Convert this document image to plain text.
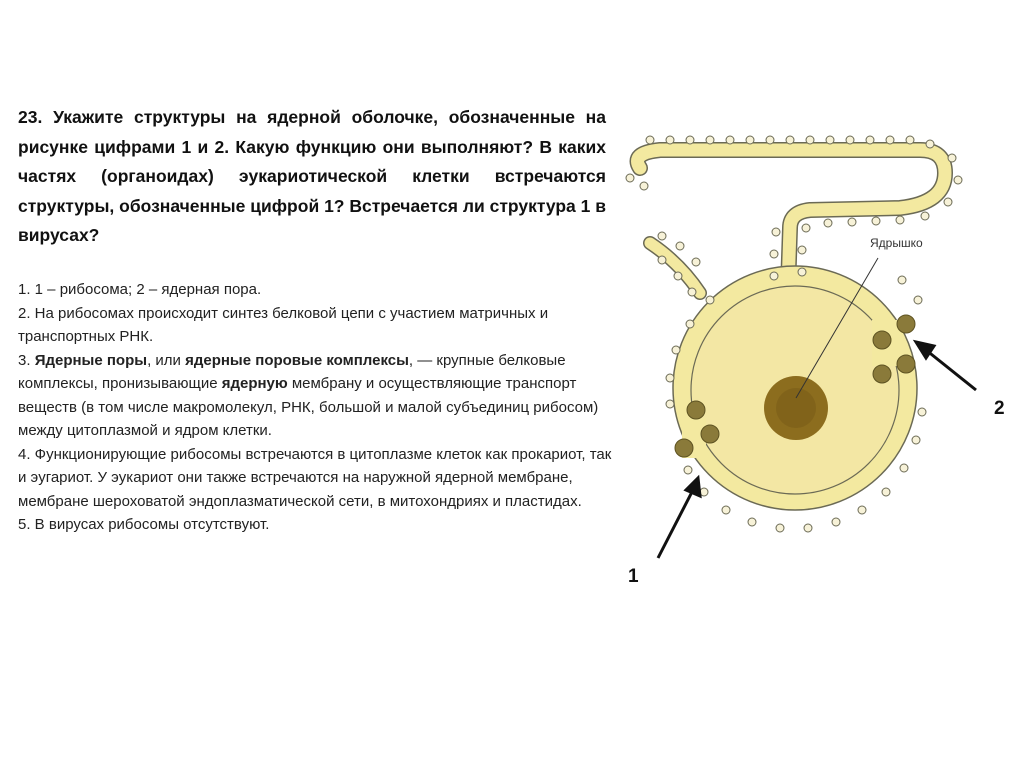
23. Укажите структуры на ядерной оболочке, обозначенные на рисунке цифрами 1 и 2. Какую функцию они выполняют? В каких частях (органоидах) эукариотической клетки встречаются структуры, обозначенные цифрой 1? Встречается ли структура 1 в вирусах?

1. 1 – рибосома; 2 – ядерная пора.

2. На рибосомах происходит синтез белковой цепи с участием матричных и транспортных РНК.

3. Ядерные поры, или ядерные поровые комплексы, — крупные белковые комплексы, пронизывающие ядерную мембрану и осуществляющие транспорт веществ (в том числе макромолекул, РНК, большой и малой субъединиц рибосом) между цитоплазмой и ядром клетки.

4. Функционирующие рибосомы встречаются в цитоплазме клеток как прокариот, так и эугариот. У эукариот они также встречаются на наружной ядерной мембране, мембране шероховатой эндоплазматической сети, в митохондриях и пластидах.

5. В вирусах рибосомы отсутствуют.

Ядрышко
2
1
